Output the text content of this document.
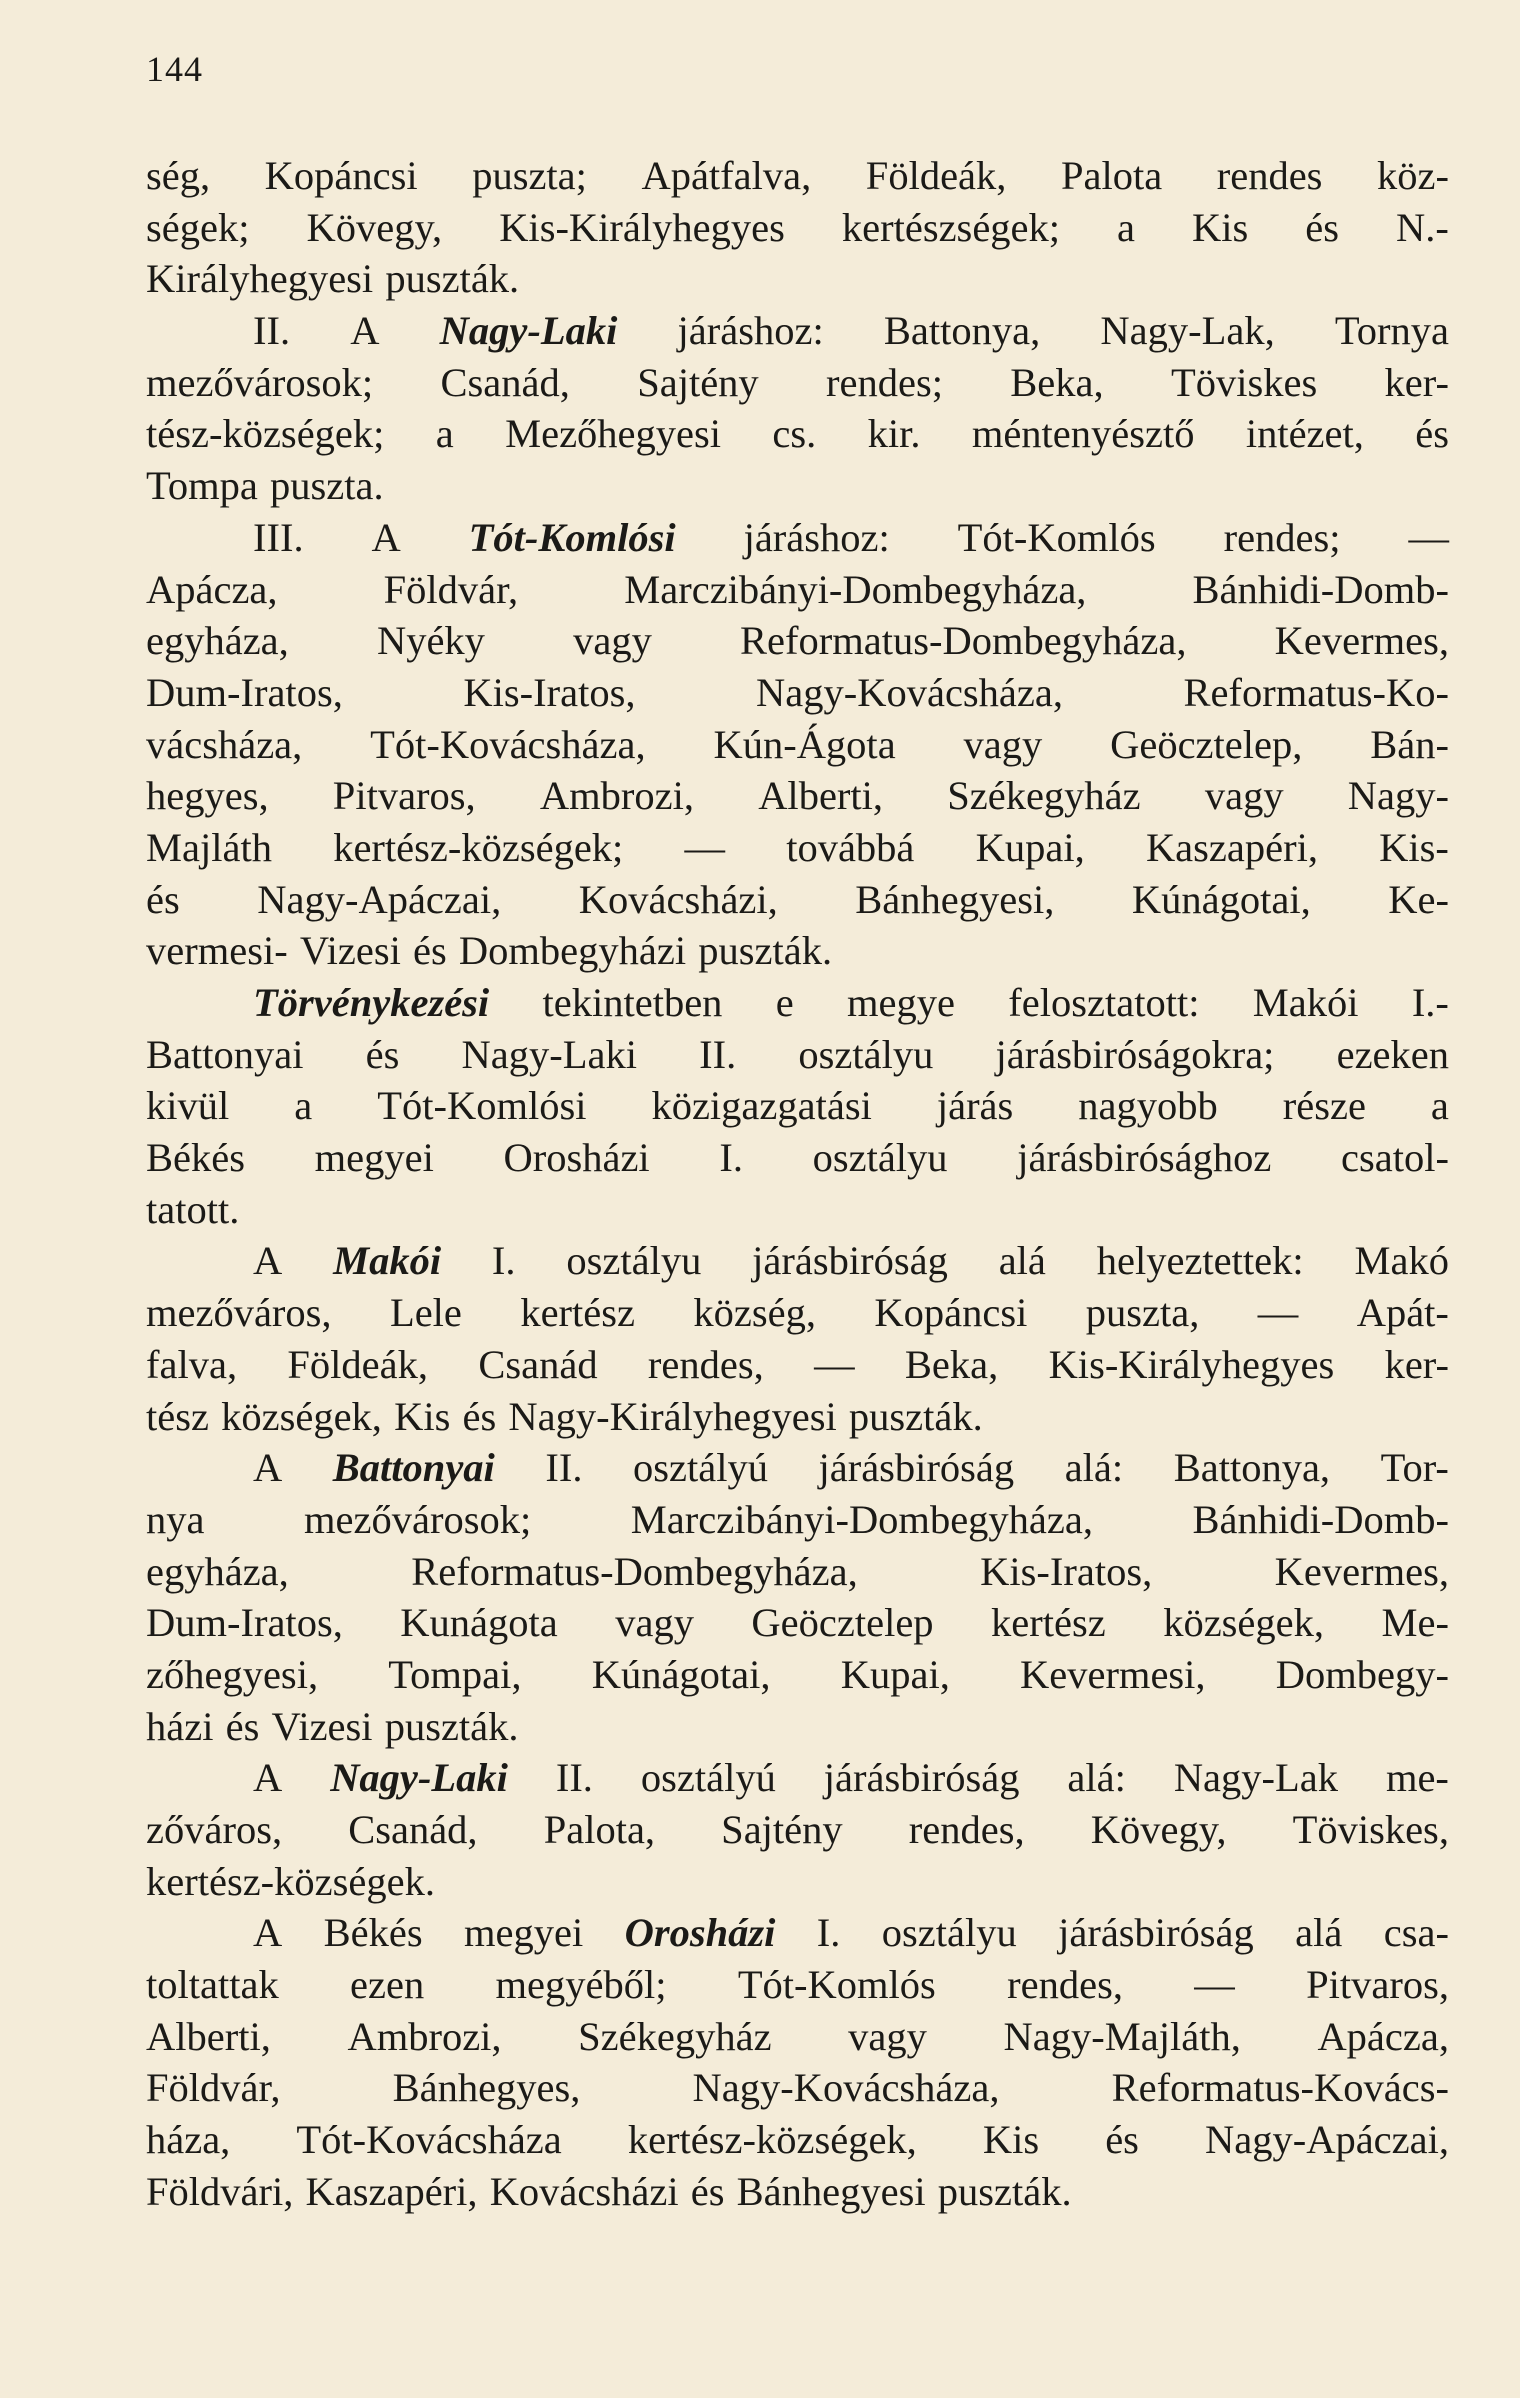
144
ség, Kopáncsi puszta; Apátfalva, Földeák, Palota rendes köz-
ségek; Kövegy, Kis-Királyhegyes kertészségek; a Kis és N.-
Királyhegyesi puszták.
II. A Nagy-Laki járáshoz: Battonya, Nagy-Lak, Tornya
mezővárosok; Csanád, Sajtény rendes; Beka, Töviskes ker-
tész-községek; a Mezőhegyesi cs. kir. méntenyésztő intézet, és
Tompa puszta.
III. A Tót-Komlósi járáshoz: Tót-Komlós rendes; —
Apácza,	Földvár,	Marczibányi-Dombegyháza,	Bánhidi-Domb-
egyháza, Nyéky vagy Reformatus-Dombegyháza, Kevermes,
Dum-Iratos,	Kis-Iratos,	Nagy-Kovácsháza,	Reformatus-Ko-
vácsháza, Tót-Kovácsháza, Kún-Ágota vagy Geöcztelep, Bán-
hegyes, Pitvaros, Ambrozi, Alberti, Székegyház vagy Nagy-
Majláth kertész-községek; — továbbá Kupai, Kaszapéri, Kis-
és Nagy-Apáczai, Kovácsházi, Bánhegyesi, Kúnágotai, Ke-
vermesi- Vizesi és Dombegyházi puszták.
Törvénykezési tekintetben e megye felosztatott: Makói I.-
Battonyai és Nagy-Laki II. osztályu járásbiróságokra; ezeken
kivül a Tót-Komlósi közigazgatási járás nagyobb része a
Békés megyei Orosházi I. osztályu járásbirósághoz csatol-
tatott.
A Makói I. osztályu járásbiróság alá helyeztettek: Makó
mezőváros, Lele kertész község, Kopáncsi puszta, — Apát-
falva, Földeák, Csanád rendes, — Beka, Kis-Királyhegyes ker-
tész községek, Kis és Nagy-Királyhegyesi puszták.
A Battonyai II. osztályú járásbiróság alá: Battonya, Tor-
nya mezővárosok; Marczibányi-Dombegyháza, Bánhidi-Domb-
egyháza,	Reformatus-Dombegyháza,	Kis-Iratos,	Kevermes,
Dum-Iratos, Kunágota vagy Geöcztelep kertész községek, Me-
zőhegyesi, Tompai, Kúnágotai, Kupai, Kevermesi, Dombegy-
házi és Vizesi puszták.
A Nagy-Laki II. osztályú járásbiróság alá: Nagy-Lak me-
zőváros, Csanád, Palota, Sajtény rendes, Kövegy, Töviskes,
kertész-községek.
A Békés megyei Orosházi I. osztályu járásbiróság alá csa-
toltattak ezen megyéből; Tót-Komlós rendes, — Pitvaros,
Alberti, Ambrozi, Székegyház vagy Nagy-Majláth, Apácza,
Földvár,	Bánhegyes,	Nagy-Kovácsháza,	Reformatus-Kovács-
háza, Tót-Kovácsháza kertész-községek, Kis és Nagy-Apáczai,
Földvári, Kaszapéri, Kovácsházi és Bánhegyesi puszták.
